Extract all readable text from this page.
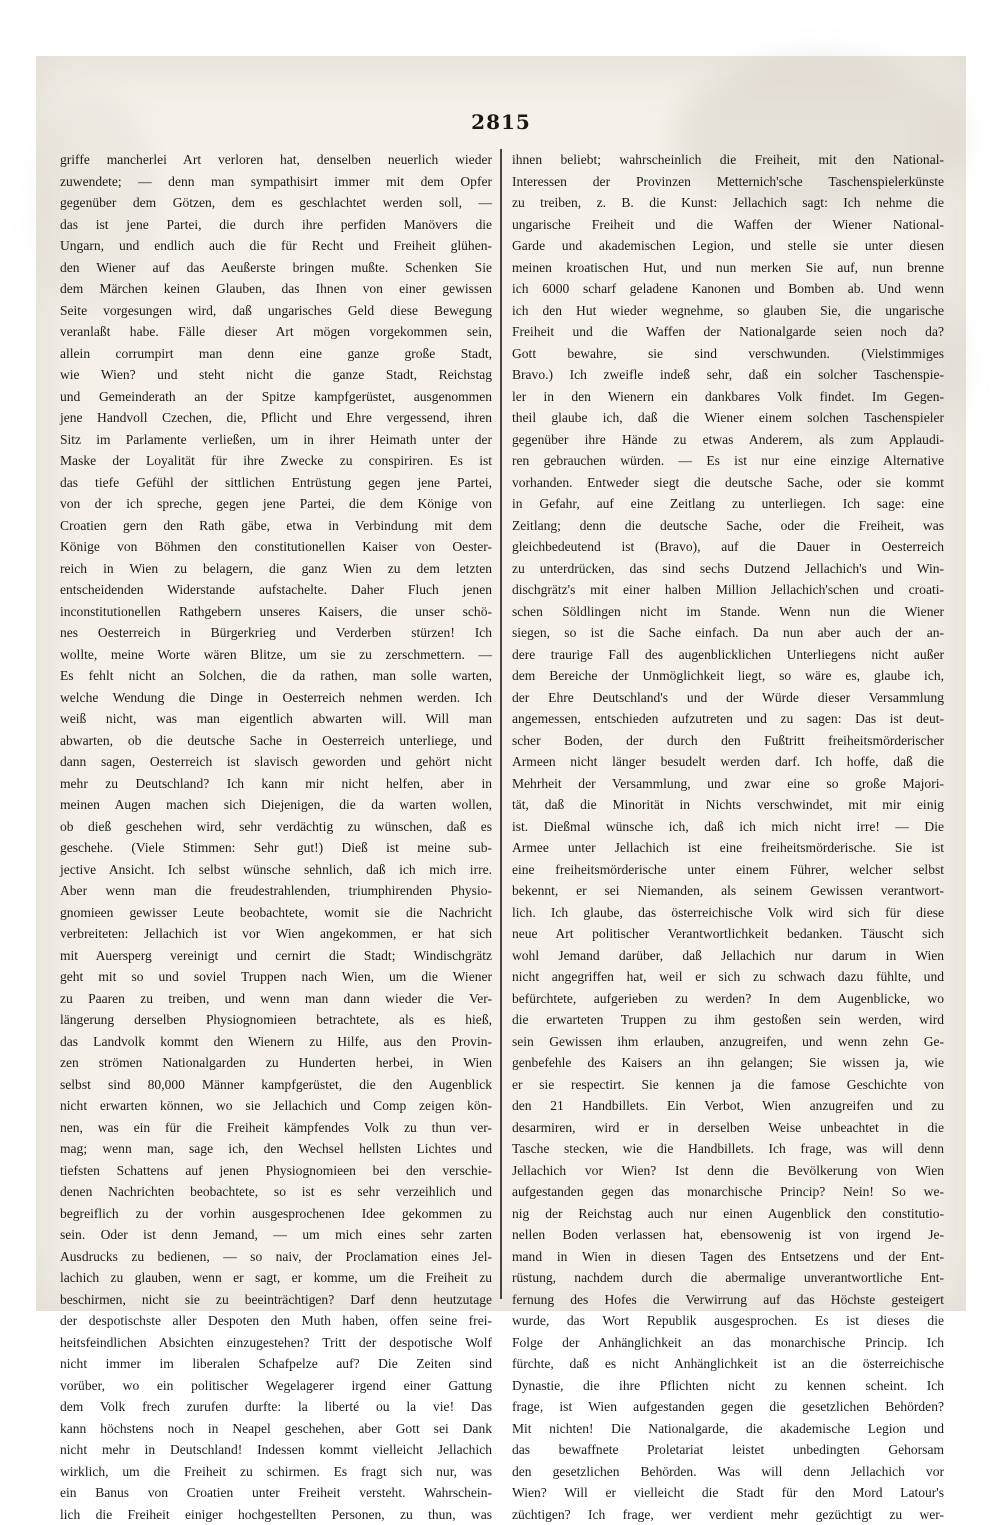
2815
griffe mancherlei Art verloren hat, denselben neuerlich wieder
zuwendete; — denn man sympathisirt immer mit dem Opfer
gegenüber dem Götzen, dem es geschlachtet werden soll, —
das ist jene Partei, die durch ihre perfiden Manövers die
Ungarn, und endlich auch die für Recht und Freiheit glühen-
den Wiener auf das Aeußerste bringen mußte. Schenken Sie
dem Märchen keinen Glauben, das Ihnen von einer gewissen
Seite vorgesungen wird, daß ungarisches Geld diese Bewegung
veranlaßt habe. Fälle dieser Art mögen vorgekommen sein,
allein corrumpirt man denn eine ganze große Stadt,
wie Wien? und steht nicht die ganze Stadt, Reichstag
und Gemeinderath an der Spitze kampfgerüstet, ausgenommen
jene Handvoll Czechen, die, Pflicht und Ehre vergessend, ihren
Sitz im Parlamente verließen, um in ihrer Heimath unter der
Maske der Loyalität für ihre Zwecke zu conspiriren. Es ist
das tiefe Gefühl der sittlichen Entrüstung gegen jene Partei,
von der ich spreche, gegen jene Partei, die dem Könige von
Croatien gern den Rath gäbe, etwa in Verbindung mit dem
Könige von Böhmen den constitutionellen Kaiser von Oester-
reich in Wien zu belagern, die ganz Wien zu dem letzten
entscheidenden Widerstande aufstachelte. Daher Fluch jenen
inconstitutionellen Rathgebern unseres Kaisers, die unser schö-
nes Oesterreich in Bürgerkrieg und Verderben stürzen! Ich
wollte, meine Worte wären Blitze, um sie zu zerschmettern. —
Es fehlt nicht an Solchen, die da rathen, man solle warten,
welche Wendung die Dinge in Oesterreich nehmen werden. Ich
weiß nicht, was man eigentlich abwarten will. Will man
abwarten, ob die deutsche Sache in Oesterreich unterliege, und
dann sagen, Oesterreich ist slavisch geworden und gehört nicht
mehr zu Deutschland? Ich kann mir nicht helfen, aber in
meinen Augen machen sich Diejenigen, die da warten wollen,
ob dieß geschehen wird, sehr verdächtig zu wünschen, daß es
geschehe. (Viele Stimmen: Sehr gut!) Dieß ist meine sub-
jective Ansicht. Ich selbst wünsche sehnlich, daß ich mich irre.
Aber wenn man die freudestrahlenden, triumphirenden Physio-
gnomieen gewisser Leute beobachtete, womit sie die Nachricht
verbreiteten: Jellachich ist vor Wien angekommen, er hat sich
mit Auersperg vereinigt und cernirt die Stadt; Windischgrätz
geht mit so und soviel Truppen nach Wien, um die Wiener
zu Paaren zu treiben, und wenn man dann wieder die Ver-
längerung derselben Physiognomieen betrachtete, als es hieß,
das Landvolk kommt den Wienern zu Hilfe, aus den Provin-
zen strömen Nationalgarden zu Hunderten herbei, in Wien
selbst sind 80,000 Männer kampfgerüstet, die den Augenblick
nicht erwarten können, wo sie Jellachich und Comp zeigen kön-
nen, was ein für die Freiheit kämpfendes Volk zu thun ver-
mag; wenn man, sage ich, den Wechsel hellsten Lichtes und
tiefsten Schattens auf jenen Physiognomieen bei den verschie-
denen Nachrichten beobachtete, so ist es sehr verzeihlich und
begreiflich zu der vorhin ausgesprochenen Idee gekommen zu
sein. Oder ist denn Jemand, — um mich eines sehr zarten
Ausdrucks zu bedienen, — so naiv, der Proclamation eines Jel-
lachich zu glauben, wenn er sagt, er komme, um die Freiheit zu
beschirmen, nicht sie zu beeinträchtigen? Darf denn heutzutage
der despotischste aller Despoten den Muth haben, offen seine frei-
heitsfeindlichen Absichten einzugestehen? Tritt der despotische Wolf
nicht immer im liberalen Schafpelze auf? Die Zeiten sind
vorüber, wo ein politischer Wegelagerer irgend einer Gattung
dem Volk frech zurufen durfte: la liberté ou la vie! Das
kann höchstens noch in Neapel geschehen, aber Gott sei Dank
nicht mehr in Deutschland! Indessen kommt vielleicht Jellachich
wirklich, um die Freiheit zu schirmen. Es fragt sich nur, was
ein Banus von Croatien unter Freiheit versteht. Wahrschein-
lich die Freiheit einiger hochgestellten Personen, zu thun, was
ihnen beliebt; wahrscheinlich die Freiheit, mit den National-
Interessen der Provinzen Metternich'sche Taschenspielerkünste
zu treiben, z. B. die Kunst: Jellachich sagt: Ich nehme die
ungarische Freiheit und die Waffen der Wiener National-
Garde und akademischen Legion, und stelle sie unter diesen
meinen kroatischen Hut, und nun merken Sie auf, nun brenne
ich 6000 scharf geladene Kanonen und Bomben ab. Und wenn
ich den Hut wieder wegnehme, so glauben Sie, die ungarische
Freiheit und die Waffen der Nationalgarde seien noch da?
Gott bewahre, sie sind verschwunden. (Vielstimmiges
Bravo.) Ich zweifle indeß sehr, daß ein solcher Taschenspie-
ler in den Wienern ein dankbares Volk findet. Im Gegen-
theil glaube ich, daß die Wiener einem solchen Taschenspieler
gegenüber ihre Hände zu etwas Anderem, als zum Applaudi-
ren gebrauchen würden. — Es ist nur eine einzige Alternative
vorhanden. Entweder siegt die deutsche Sache, oder sie kommt
in Gefahr, auf eine Zeitlang zu unterliegen. Ich sage: eine
Zeitlang; denn die deutsche Sache, oder die Freiheit, was
gleichbedeutend ist (Bravo), auf die Dauer in Oesterreich
zu unterdrücken, das sind sechs Dutzend Jellachich's und Win-
dischgrätz's mit einer halben Million Jellachich'schen und croati-
schen Söldlingen nicht im Stande. Wenn nun die Wiener
siegen, so ist die Sache einfach. Da nun aber auch der an-
dere traurige Fall des augenblicklichen Unterliegens nicht außer
dem Bereiche der Unmöglichkeit liegt, so wäre es, glaube ich,
der Ehre Deutschland's und der Würde dieser Versammlung
angemessen, entschieden aufzutreten und zu sagen: Das ist deut-
scher Boden, der durch den Fußtritt freiheitsmörderischer
Armeen nicht länger besudelt werden darf. Ich hoffe, daß die
Mehrheit der Versammlung, und zwar eine so große Majori-
tät, daß die Minorität in Nichts verschwindet, mit mir einig
ist. Dießmal wünsche ich, daß ich mich nicht irre! — Die
Armee unter Jellachich ist eine freiheitsmörderische. Sie ist
eine freiheitsmörderische unter einem Führer, welcher selbst
bekennt, er sei Niemanden, als seinem Gewissen verantwort-
lich. Ich glaube, das österreichische Volk wird sich für diese
neue Art politischer Verantwortlichkeit bedanken. Täuscht sich
wohl Jemand darüber, daß Jellachich nur darum in Wien
nicht angegriffen hat, weil er sich zu schwach dazu fühlte, und
befürchtete, aufgerieben zu werden? In dem Augenblicke, wo
die erwarteten Truppen zu ihm gestoßen sein werden, wird
sein Gewissen ihm erlauben, anzugreifen, und wenn zehn Ge-
genbefehle des Kaisers an ihn gelangen; Sie wissen ja, wie
er sie respectirt. Sie kennen ja die famose Geschichte von
den 21 Handbillets. Ein Verbot, Wien anzugreifen und zu
desarmiren, wird er in derselben Weise unbeachtet in die
Tasche stecken, wie die Handbillets. Ich frage, was will denn
Jellachich vor Wien? Ist denn die Bevölkerung von Wien
aufgestanden gegen das monarchische Princip? Nein! So we-
nig der Reichstag auch nur einen Augenblick den constitutio-
nellen Boden verlassen hat, ebensowenig ist von irgend Je-
mand in Wien in diesen Tagen des Entsetzens und der Ent-
rüstung, nachdem durch die abermalige unverantwortliche Ent-
fernung des Hofes die Verwirrung auf das Höchste gesteigert
wurde, das Wort Republik ausgesprochen. Es ist dieses die
Folge der Anhänglichkeit an das monarchische Princip. Ich
fürchte, daß es nicht Anhänglichkeit ist an die österreichische
Dynastie, die ihre Pflichten nicht zu kennen scheint. Ich
frage, ist Wien aufgestanden gegen die gesetzlichen Behörden?
Mit nichten! Die Nationalgarde, die akademische Legion und
das bewaffnete Proletariat leistet unbedingten Gehorsam
den gesetzlichen Behörden. Was will denn Jellachich vor
Wien? Will er vielleicht die Stadt für den Mord Latour's
züchtigen? Ich frage, wer verdient mehr gezüchtigt zu wer-
